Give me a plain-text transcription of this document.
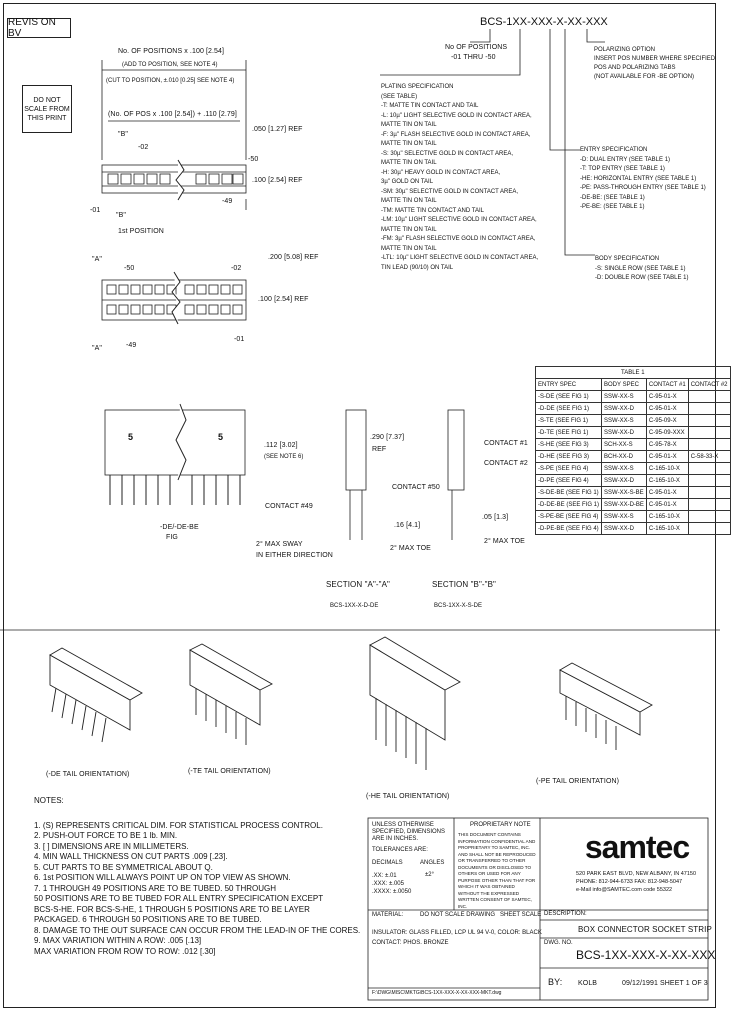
REVIS ON BV
BCS-1XX-XXX-X-XX-XXX
DO NOT SCALE FROM THIS PRINT
No OF POSITIONS
-01 THRU -50
POLARIZING OPTION
INSERT POS NUMBER WHERE SPECIFIED
POS AND POLARIZING TABS
(NOT AVAILABLE FOR -BE OPTION)
PLATING SPECIFICATION
(SEE TABLE)
-T: MATTE TIN CONTACT AND TAIL
-L: 10µ" LIGHT SELECTIVE GOLD IN CONTACT AREA,
MATTE TIN ON TAIL
-F: 3µ" FLASH SELECTIVE GOLD IN CONTACT AREA,
MATTE TIN ON TAIL
-S: 30µ" SELECTIVE GOLD IN CONTACT AREA,
MATTE TIN ON TAIL
-H: 30µ" HEAVY GOLD IN CONTACT AREA,
3µ" GOLD ON TAIL
-SM: 30µ" SELECTIVE GOLD IN CONTACT AREA,
MATTE TIN ON TAIL
-TM: MATTE TIN CONTACT AND TAIL
-LM: 10µ" LIGHT SELECTIVE GOLD IN CONTACT AREA,
MATTE TIN ON TAIL
-FM: 3µ" FLASH SELECTIVE GOLD IN CONTACT AREA,
MATTE TIN ON TAIL
-LTL: 10µ" LIGHT SELECTIVE GOLD IN CONTACT AREA,
TIN LEAD (90/10) ON TAIL
ENTRY SPECIFICATION
-D: DUAL ENTRY (SEE TABLE 1)
-T: TOP ENTRY (SEE TABLE 1)
-HE: HORIZONTAL ENTRY (SEE TABLE 1)
-PE: PASS-THROUGH ENTRY (SEE TABLE 1)
-DE-BE: (SEE TABLE 1)
-PE-BE: (SEE TABLE 1)
BODY SPECIFICATION
-S: SINGLE ROW (SEE TABLE 1)
-D: DOUBLE ROW (SEE TABLE 1)
No. OF POSITIONS x .100 [2.54]
(ADD TO POSITION, SEE NOTE 4)
(CUT TO POSITION, ±.010 [0.25] SEE NOTE 4)
(No. OF POS x .100 [2.54]) + .110 [2.79]
.050 [1.27] REF
.100 [2.54] REF
"B"
-02
-50
-01
-49
"B"
1st POSITION
"A"
-50	-02
-49
-01
"A"
.200 [5.08] REF
.100 [2.54] REF
5	5
.112 [3.02]
(SEE NOTE 6)
-DE/-DE-BE
FIG
2° MAX SWAY
IN EITHER DIRECTION
.290 [7.37]
REF
CONTACT #49
CONTACT #50
.16 [4.1]
2° MAX TOE
SECTION "A"-"A"
BCS-1XX-X-D-DE
CONTACT #1
CONTACT #2
.05 [1.3]
2° MAX TOE
SECTION "B"-"B"
BCS-1XX-X-S-DE
TABLE 1			
ENTRY SPEC	BODY SPEC	CONTACT #1	CONTACT #2
-S-DE (SEE FIG 1)	SSW-XX-S	C-95-01-X	
-D-DE (SEE FIG 1)	SSW-XX-D	C-95-01-X	
-S-TE (SEE FIG 1)	SSW-XX-S	C-95-09-X	
-D-TE (SEE FIG 1)	SSW-XX-D	C-95-09-XXX	
-S-HE (SEE FIG 3)	SCH-XX-S	C-95-78-X	
-D-HE (SEE FIG 3)	BCH-XX-D	C-95-01-X	C-58-33-X
-S-PE (SEE FIG 4)	SSW-XX-S	C-165-10-X	
-D-PE (SEE FIG 4)	SSW-XX-D	C-165-10-X	
-S-DE-BE (SEE FIG 1)	SSW-XX-S-BE	C-95-01-X	
-D-DE-BE (SEE FIG 1)	SSW-XX-D-BE	C-95-01-X	
-S-PE-BE (SEE FIG 4)	SSW-XX-S	C-165-10-X	
-D-PE-BE (SEE FIG 4)	SSW-XX-D	C-165-10-X	
(-DE TAIL ORIENTATION)	(-TE TAIL ORIENTATION)
(-HE TAIL ORIENTATION)
(-PE TAIL ORIENTATION)
NOTES:
1. (S) REPRESENTS CRITICAL DIM. FOR STATISTICAL PROCESS CONTROL.
2. PUSH-OUT FORCE TO BE 1 lb. MIN.
3. [ ] DIMENSIONS ARE IN MILLIMETERS.
4. MIN WALL THICKNESS ON CUT PARTS .009 [.23].
5. CUT PARTS TO BE SYMMETRICAL ABOUT Q.
6. 1st POSITION WILL ALWAYS POINT UP ON TOP VIEW AS SHOWN.
7. 1 THROUGH 49 POSITIONS ARE TO BE TUBED. 50 THROUGH
50 POSITIONS ARE TO BE TUBED FOR ALL ENTRY SPECIFICATION EXCEPT
BCS-S-HE. FOR BCS-S-HE, 1 THROUGH 5 POSITIONS ARE TO BE LAYER
PACKAGED. 6 THROUGH 50 POSITIONS ARE TO BE TUBED.
8. DAMAGE TO THE OUT SURFACE CAN OCCUR FROM THE LEAD-IN OF THE CORES.
9. MAX VARIATION WITHIN A ROW: .005 [.13]
MAX VARIATION FROM ROW TO ROW: .012 [.30]
UNLESS OTHERWISE SPECIFIED, DIMENSIONS ARE IN INCHES.
TOLERANCES ARE:
DECIMALS	ANGLES
.XX: ±.01
.XXX: ±.005
.XXXX: ±.0050
±2°
PROPRIETARY NOTE
THIS DOCUMENT CONTAINS INFORMATION CONFIDENTIAL AND PROPRIETARY TO SAMTEC, INC. AND SHALL NOT BE REPRODUCED OR TRANSFERRED TO OTHER DOCUMENTS OR DISCLOSED TO OTHERS OR USED FOR ANY PURPOSE OTHER THAN THAT FOR WHICH IT WAS OBTAINED WITHOUT THE EXPRESSED WRITTEN CONSENT OF SAMTEC, INC.
MATERIAL:	DO NOT SCALE DRAWING SHEET SCALE
INSULATOR: GLASS FILLED, LCP UL 94 V-0, COLOR: BLACK
CONTACT: PHOS. BRONZE
F:\DWG\MISC\MKTG\BCS-1XX-XXX-X-XX-XXX-MKT.dwg
samtec
520 PARK EAST BLVD, NEW ALBANY, IN 47150
PHONE: 812-944-6733 FAX: 812-948-5047
e-Mail info@SAMTEC.com code 55322
DESCRIPTION:
BOX CONNECTOR SOCKET STRIP
DWG. NO.
BCS-1XX-XXX-X-XX-XXX
BY: KOLB	09/12/1991 SHEET 1 OF 3
